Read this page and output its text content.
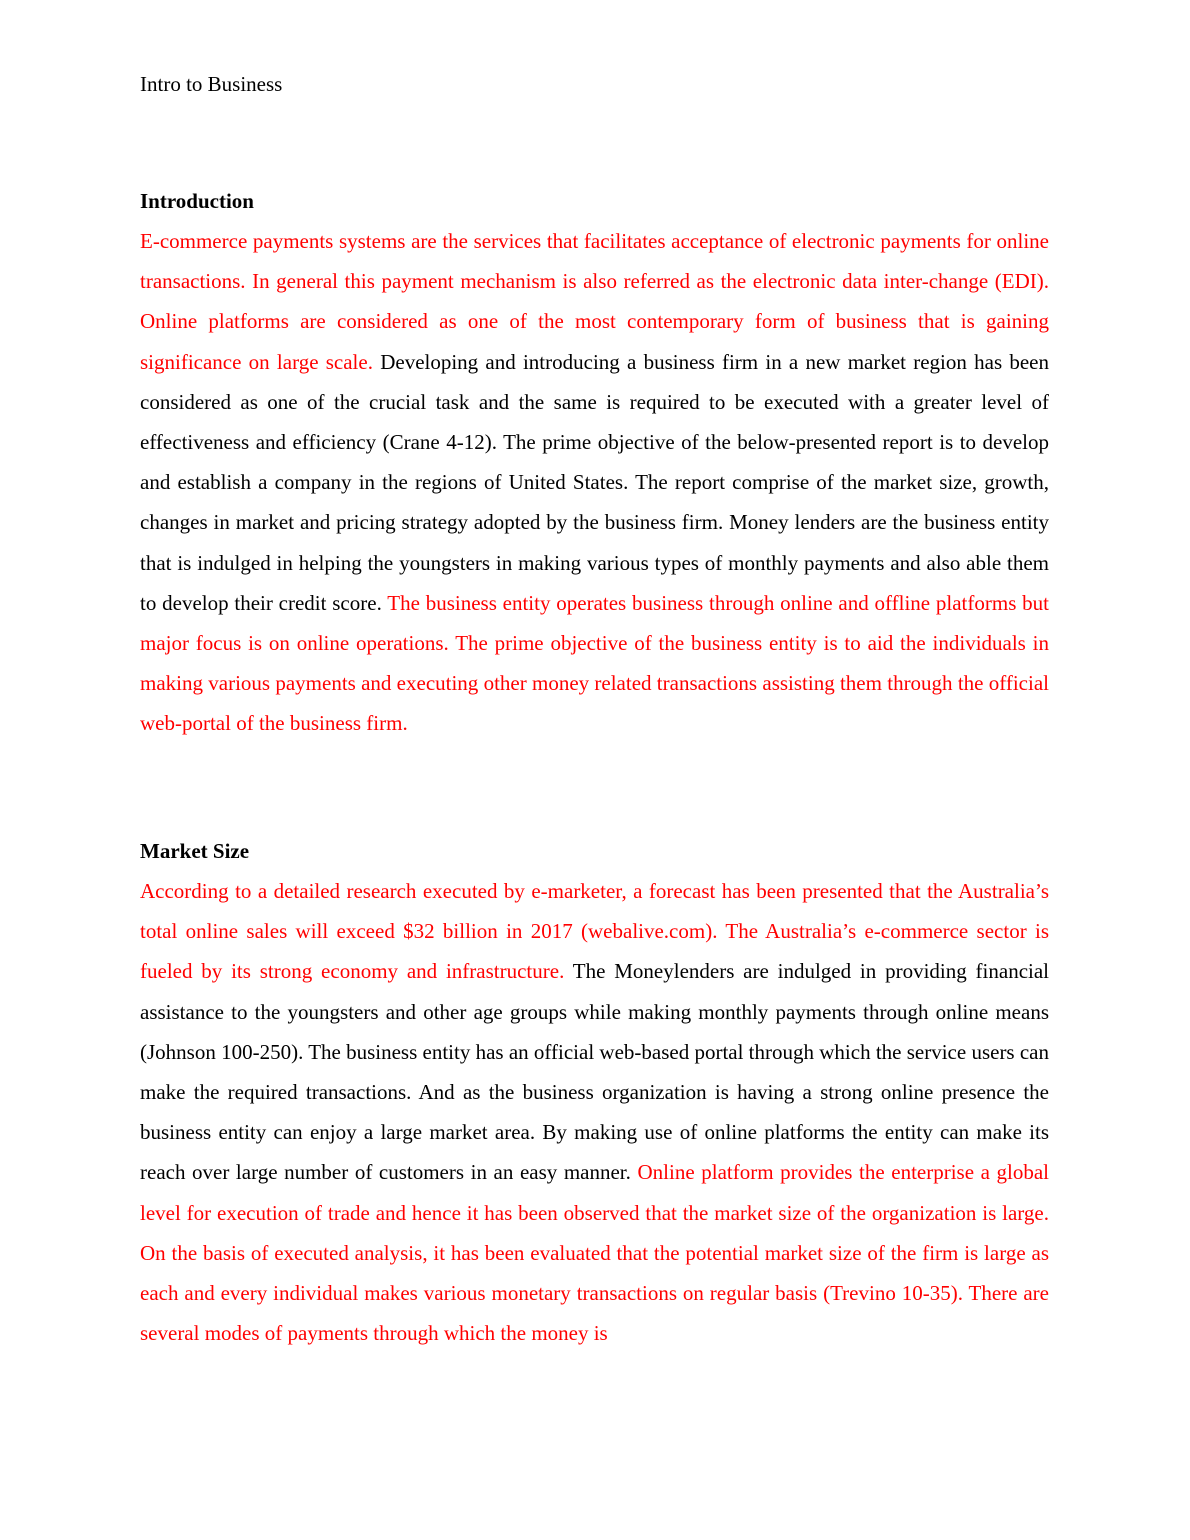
Intro to Business
Introduction

E-commerce payments systems are the services that facilitates acceptance of electronic payments for online transactions. In general this payment mechanism is also referred as the electronic data inter-change (EDI). Online platforms are considered as one of the most contemporary form of business that is gaining significance on large scale. Developing and introducing a business firm in a new market region has been considered as one of the crucial task and the same is required to be executed with a greater level of effectiveness and efficiency (Crane 4-12). The prime objective of the below-presented report is to develop and establish a company in the regions of United States. The report comprise of the market size, growth, changes in market and pricing strategy adopted by the business firm. Money lenders are the business entity that is indulged in helping the youngsters in making various types of monthly payments and also able them to develop their credit score. The business entity operates business through online and offline platforms but major focus is on online operations. The prime objective of the business entity is to aid the individuals in making various payments and executing other money related transactions assisting them through the official web-portal of the business firm.

Market Size

According to a detailed research executed by e-marketer, a forecast has been presented that the Australia’s total online sales will exceed $32 billion in 2017 (webalive.com). The Australia’s e-commerce sector is fueled by its strong economy and infrastructure. The Moneylenders are indulged in providing financial assistance to the youngsters and other age groups while making monthly payments through online means (Johnson 100-250). The business entity has an official web-based portal through which the service users can make the required transactions. And as the business organization is having a strong online presence the business entity can enjoy a large market area. By making use of online platforms the entity can make its reach over large number of customers in an easy manner. Online platform provides the enterprise a global level for execution of trade and hence it has been observed that the market size of the organization is large. On the basis of executed analysis, it has been evaluated that the potential market size of the firm is large as each and every individual makes various monetary transactions on regular basis (Trevino 10-35). There are several modes of payments through which the money is
